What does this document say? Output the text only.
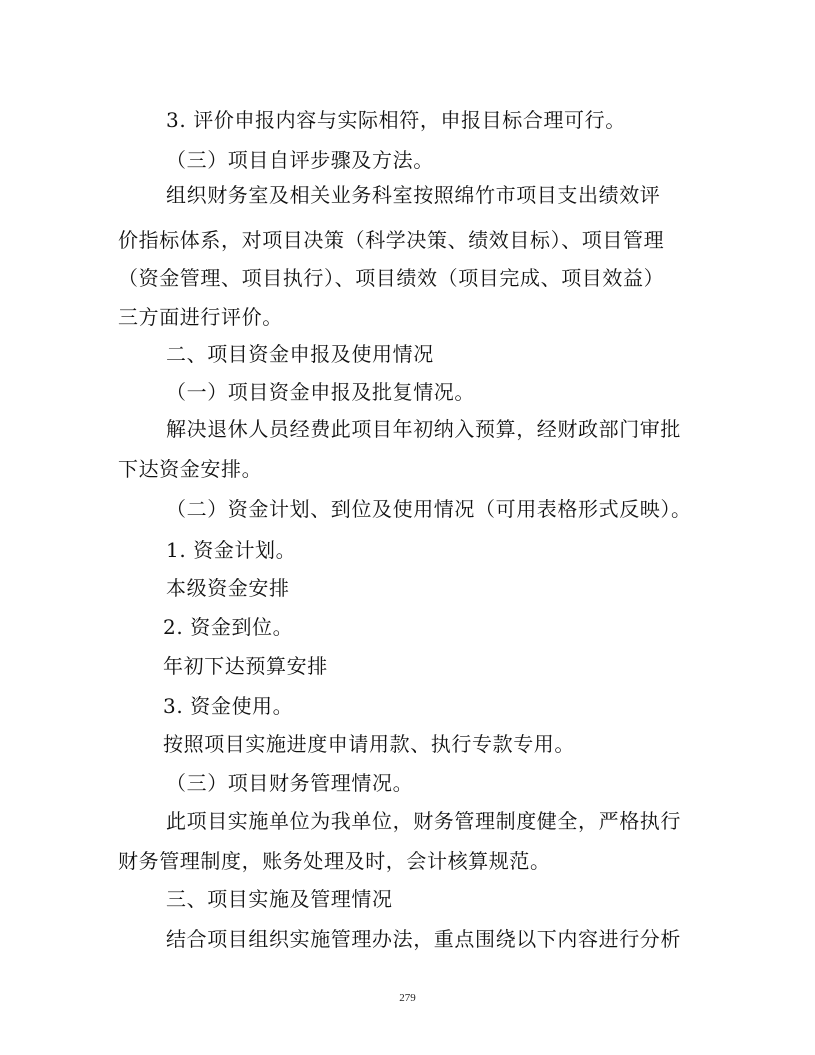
3. 评价申报内容与实际相符，申报目标合理可行。
（三）项目自评步骤及方法。
组织财务室及相关业务科室按照绵竹市项目支出绩效评
价指标体系，对项目决策（科学决策、绩效目标）、项目管理
（资金管理、项目执行）、项目绩效（项目完成、项目效益）
三方面进行评价。
二、项目资金申报及使用情况
（一）项目资金申报及批复情况。
解决退休人员经费此项目年初纳入预算，经财政部门审批
下达资金安排。
（二）资金计划、到位及使用情况（可用表格形式反映）。
1. 资金计划。
本级资金安排
2. 资金到位。
年初下达预算安排
3. 资金使用。
按照项目实施进度申请用款、执行专款专用。
（三）项目财务管理情况。
此项目实施单位为我单位，财务管理制度健全，严格执行
财务管理制度，账务处理及时，会计核算规范。
三、项目实施及管理情况
结合项目组织实施管理办法，重点围绕以下内容进行分析
279
